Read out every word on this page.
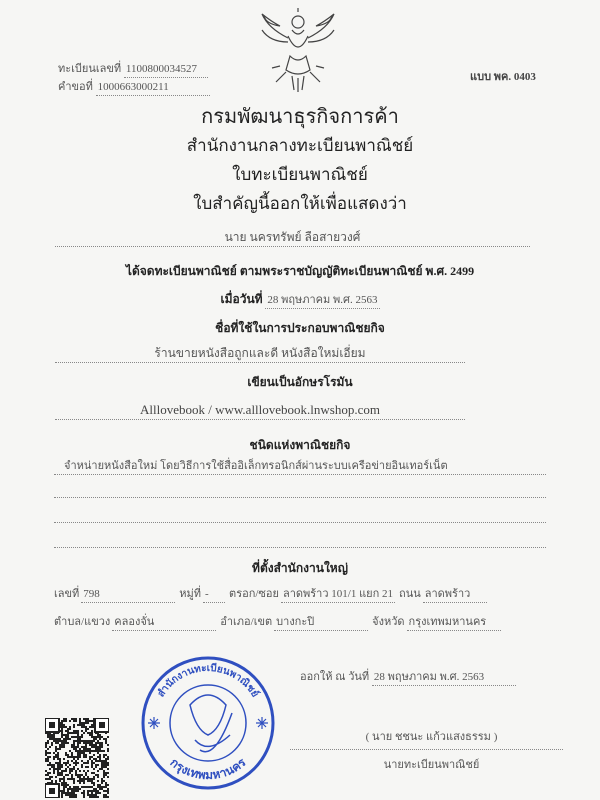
ทะเบียนเลขที่ 1100800034527
คำขอที่ 1000663000211
แบบ พค. 0403
กรมพัฒนาธุรกิจการค้า
สำนักงานกลางทะเบียนพาณิชย์
ใบทะเบียนพาณิชย์
ใบสำคัญนี้ออกให้เพื่อแสดงว่า
นาย นครทรัพย์ ลือสายวงศ์
ได้จดทะเบียนพาณิชย์ ตามพระราชบัญญัติทะเบียนพาณิชย์ พ.ศ. 2499
เมื่อวันที่ 28 พฤษภาคม พ.ศ. 2563
ชื่อที่ใช้ในการประกอบพาณิชยกิจ
ร้านขายหนังสือถูกและดี หนังสือใหม่เอี่ยม
เขียนเป็นอักษรโรมัน
Alllovebook / www.alllovebook.lnwshop.com
ชนิดแห่งพาณิชยกิจ
จำหน่ายหนังสือใหม่ โดยวิธีการใช้สื่ออิเล็กทรอนิกส์ผ่านระบบเครือข่ายอินเทอร์เน็ต
ที่ตั้งสำนักงานใหญ่
เลขที่ 798	หมู่ที่ -	ตรอก/ซอย ลาดพร้าว 101/1 แยก 21 ถนน ลาดพร้าว
ตำบล/แขวง คลองจั่น	อำเภอ/เขต บางกะปิ	จังหวัด กรุงเทพมหานคร
ออกให้ ณ วันที่ 28 พฤษภาคม พ.ศ. 2563
( นาย ชชนะ แก้วแสงธรรม )
นายทะเบียนพาณิชย์
สำนักงานทะเบียนพาณิชย์
กรุงเทพมหานคร
